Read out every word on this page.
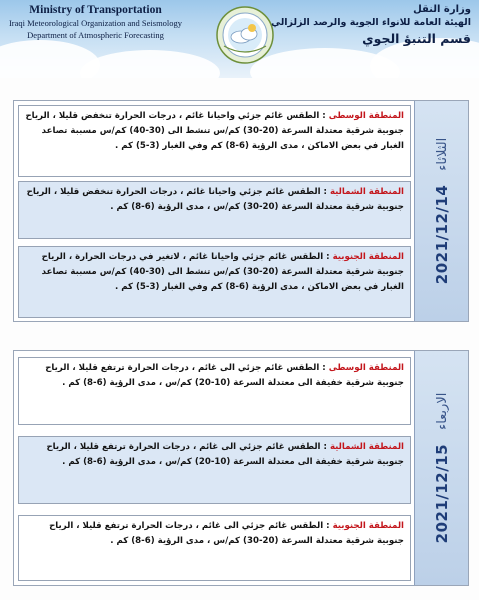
Ministry of Transportation
Iraqi Meteorological Organization and Seismology
Department of Atmospheric Forecasting
وزارة النقل
الهيئة العامة للانواء الجوية والرصد الزلزالي
قسم التنبؤ الجوي
المنطقة الوسطى : الطقس غائم جزئي واحيانا غائم ، درجات الحرارة تنخفض قليلا ، الرياح جنوبية شرقية معتدلة السرعة (20-30) كم/س تنشط الى (30-40) كم/س مسببة تصاعد الغبار في بعض الاماكن ، مدى الرؤية (6-8) كم وفي الغبار (3-5) كم .
المنطقة الشمالية : الطقس غائم جزئي واحيانا غائم ، درجات الحرارة تنخفض قليلا ، الرياح جنوبية شرقية معتدلة السرعة (20-30) كم/س ، مدى الرؤية (6-8) كم .
المنطقة الجنوبية : الطقس غائم جزئي واحيانا غائم ، لاتغير في درجات الحرارة ، الرياح جنوبية شرقية معتدلة السرعة (20-30) كم/س تنشط الى (30-40) كم/س مسببة تصاعد الغبار في بعض الاماكن ، مدى الرؤية (6-8) كم وفي الغبار (3-5) كم .
2021/12/14
الثلاثاء
المنطقة الوسطى : الطقس غائم جزئي الى غائم ، درجات الحرارة ترتفع قليلا ، الرياح جنوبية شرقية خفيفة الى معتدلة السرعة (10-20) كم/س ، مدى الرؤية (6-8) كم .
المنطقة الشمالية : الطقس غائم جزئي الى غائم ، درجات الحرارة ترتفع قليلا ، الرياح جنوبية شرقية خفيفة الى معتدلة السرعة (10-20) كم/س ، مدى الرؤية (6-8) كم .
المنطقة الجنوبية : الطقس غائم جزئي الى غائم ، درجات الحرارة ترتفع قليلا ، الرياح جنوبية شرقية معتدلة السرعة (20-30) كم/س ، مدى الرؤية (6-8) كم .	2021/12/15
الاربعاء
